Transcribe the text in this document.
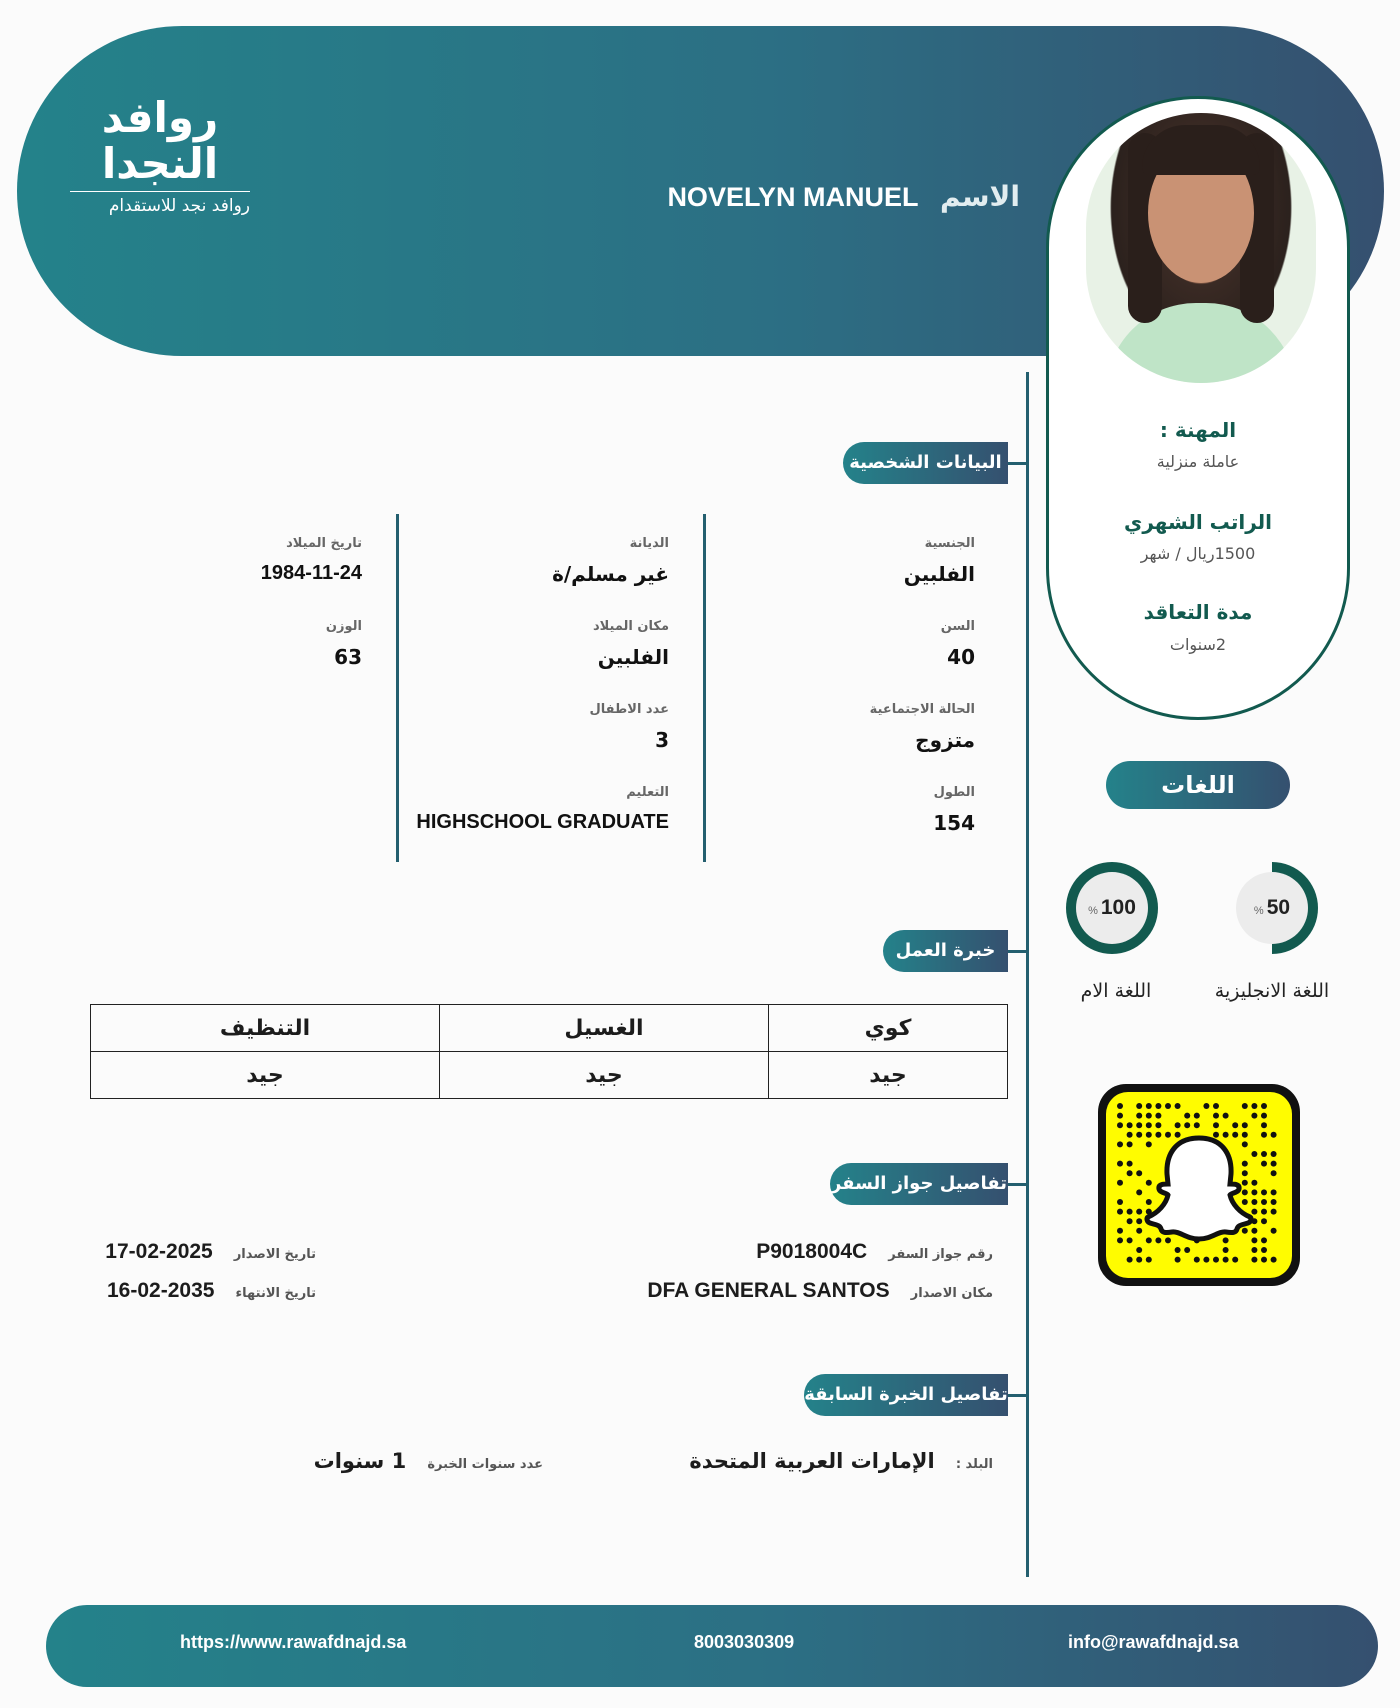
روافد النجدا
روافد نجد للاستقدام	الاسم NOVELYN MANUEL
المهنة :
عاملة منزلية
الراتب الشهري
1500ريال / شهر
مدة التعاقد
2سنوات
البيانات الشخصية
الجنسية
الفلبين
السن
40
الحالة الاجتماعية
متزوج
الطول
154
الديانة
غير مسلم/ة
مكان الميلاد
الفلبين
عدد الاطفال
3
التعليم
HIGHSCHOOL GRADUATE
تاريخ الميلاد
1984-11-24
الوزن
63
خبرة العمل
التنظيف	الغسيل	كوي
جيد	جيد	جيد
تفاصيل جواز السفر
رقم جواز السفر P9018004C
مكان الاصدار DFA GENERAL SANTOS
تاريخ الاصدار 2025-02-17
تاريخ الانتهاء 2035-02-16
تفاصيل الخبرة السابقة
البلد : الإمارات العربية المتحدة
عدد سنوات الخبرة 1 سنوات
اللغات
% 50
% 100
اللغة الانجليزية
اللغة الام
https://www.rawafdnajd.sa	8003030309	info@rawafdnajd.sa
